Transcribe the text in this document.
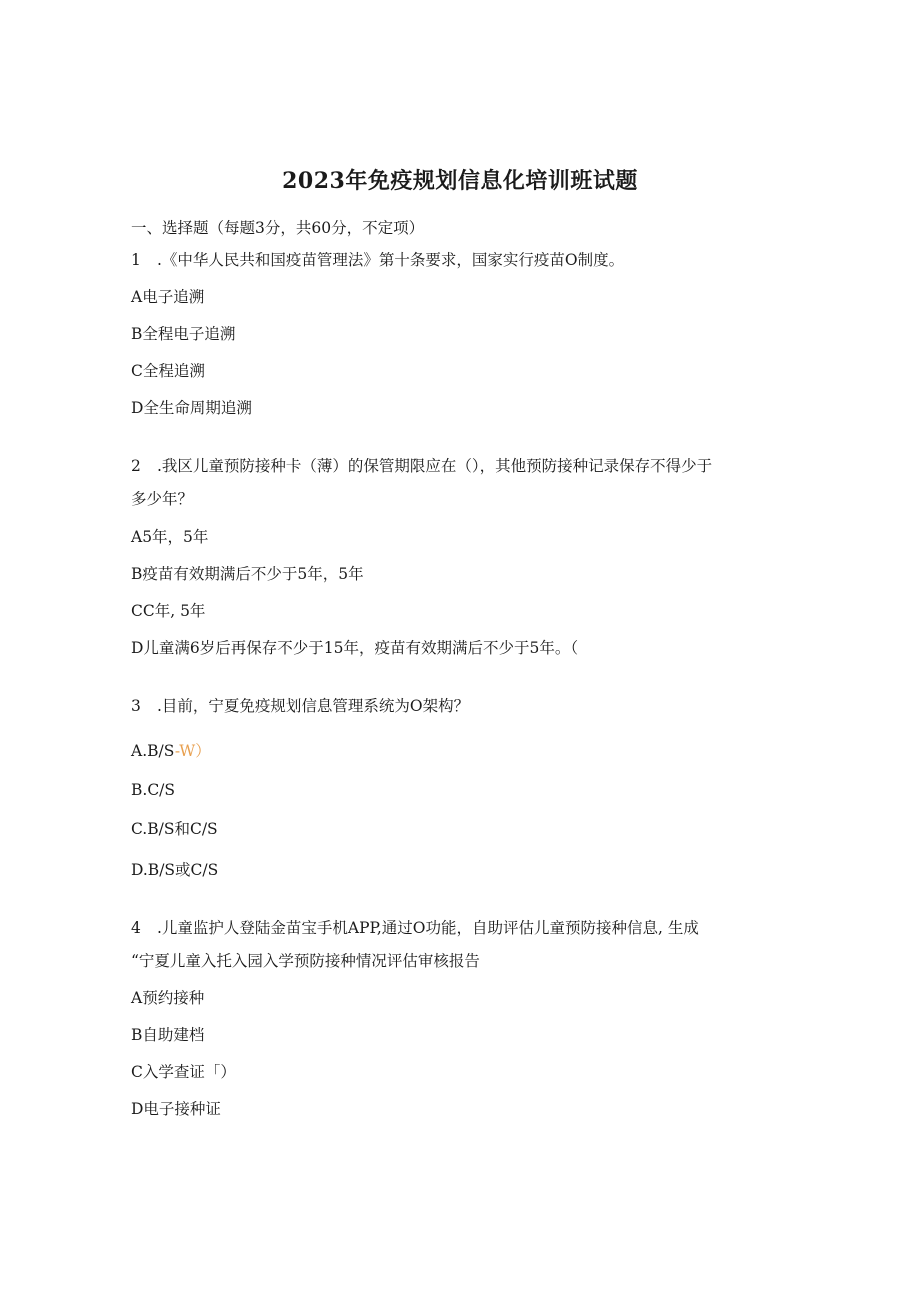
2023年免疫规划信息化培训班试题
一、选择题（每题3分，共60分，不定项）
1 .《中华人民共和国疫苗管理法》第十条要求，国家实行疫苗O制度。
A电子追溯
B全程电子追溯
C全程追溯
D全生命周期追溯
2 .我区儿童预防接种卡（薄）的保管期限应在（），其他预防接种记录保存不得少于
多少年？
A5年，5年
B疫苗有效期满后不少于5年，5年
CC年, 5年
D儿童满6岁后再保存不少于15年，疫苗有效期满后不少于5年。（
3 .目前，宁夏免疫规划信息管理系统为O架构？
A.B/S-W）
B.C/S
C.B/S和C/S
D.B/S或C/S
4 .儿童监护人登陆金苗宝手机APP,通过O功能，自助评估儿童预防接种信息, 生成
“宁夏儿童入托入园入学预防接种情况评估审核报告
A预约接种
B自助建档
C入学查证「）
D电子接种证
